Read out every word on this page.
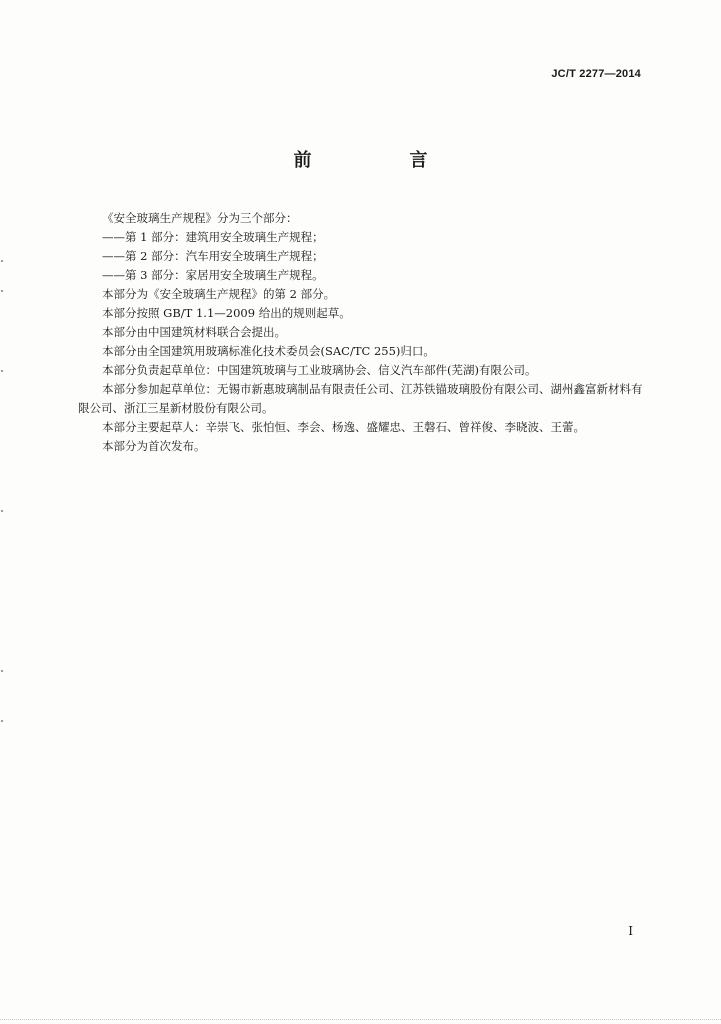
JC/T 2277—2014
前　言

《安全玻璃生产规程》分为三个部分：

——第 1 部分：建筑用安全玻璃生产规程；

——第 2 部分：汽车用安全玻璃生产规程；

——第 3 部分：家居用安全玻璃生产规程。

本部分为《安全玻璃生产规程》的第 2 部分。

本部分按照 GB/T 1.1—2009 给出的规则起草。

本部分由中国建筑材料联合会提出。

本部分由全国建筑用玻璃标准化技术委员会(SAC/TC 255)归口。

本部分负责起草单位：中国建筑玻璃与工业玻璃协会、信义汽车部件(芜湖)有限公司。

本部分参加起草单位：无锡市新惠玻璃制品有限责任公司、江苏铁锚玻璃股份有限公司、湖州鑫富新材料有限公司、浙江三星新材股份有限公司。

本部分主要起草人：辛崇飞、张怕恒、李会、杨逸、盛耀忠、王磐石、曾祥俊、李晓波、王蕾。

本部分为首次发布。

I
